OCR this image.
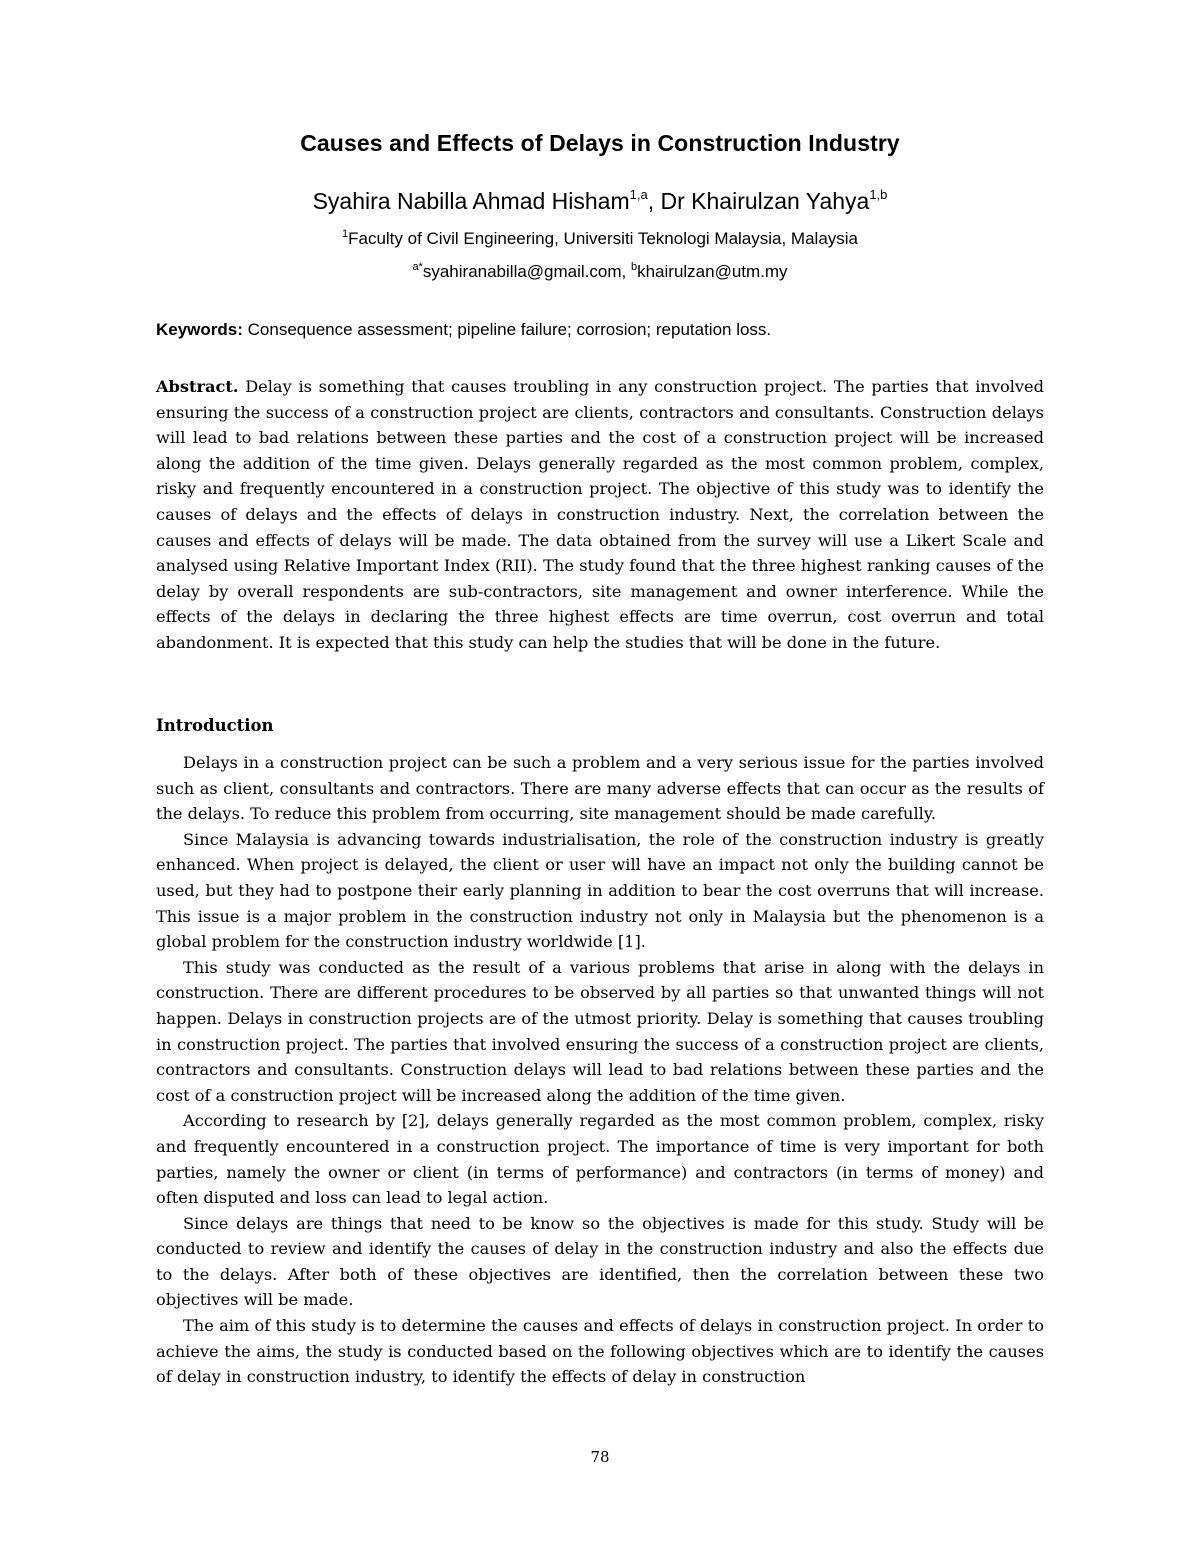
Causes and Effects of Delays in Construction Industry
Syahira Nabilla Ahmad Hisham$^{1,a}$, Dr Khairulzan Yahya$^{1,b}$
$^1$Faculty of Civil Engineering, Universiti Teknologi Malaysia, Malaysia
$^{a*}$syahiranabilla@gmail.com, $^b$khairulzan@utm.my
Keywords: Consequence assessment; pipeline failure; corrosion; reputation loss.

Abstract. Delay is something that causes troubling in any construction project. The parties that involved ensuring the success of a construction project are clients, contractors and consultants. Construction delays will lead to bad relations between these parties and the cost of a construction project will be increased along the addition of the time given. Delays generally regarded as the most common problem, complex, risky and frequently encountered in a construction project. The objective of this study was to identify the causes of delays and the effects of delays in construction industry. Next, the correlation between the causes and effects of delays will be made. The data obtained from the survey will use a Likert Scale and analysed using Relative Important Index (RII). The study found that the three highest ranking causes of the delay by overall respondents are sub-contractors, site management and owner interference. While the effects of the delays in declaring the three highest effects are time overrun, cost overrun and total abandonment. It is expected that this study can help the studies that will be done in the future.

Introduction

Delays in a construction project can be such a problem and a very serious issue for the parties involved such as client, consultants and contractors. There are many adverse effects that can occur as the results of the delays. To reduce this problem from occurring, site management should be made carefully.

Since Malaysia is advancing towards industrialisation, the role of the construction industry is greatly enhanced. When project is delayed, the client or user will have an impact not only the building cannot be used, but they had to postpone their early planning in addition to bear the cost overruns that will increase. This issue is a major problem in the construction industry not only in Malaysia but the phenomenon is a global problem for the construction industry worldwide [1].

This study was conducted as the result of a various problems that arise in along with the delays in construction. There are different procedures to be observed by all parties so that unwanted things will not happen. Delays in construction projects are of the utmost priority. Delay is something that causes troubling in construction project. The parties that involved ensuring the success of a construction project are clients, contractors and consultants. Construction delays will lead to bad relations between these parties and the cost of a construction project will be increased along the addition of the time given.

According to research by [2], delays generally regarded as the most common problem, complex, risky and frequently encountered in a construction project. The importance of time is very important for both parties, namely the owner or client (in terms of performance) and contractors (in terms of money) and often disputed and loss can lead to legal action.

Since delays are things that need to be know so the objectives is made for this study. Study will be conducted to review and identify the causes of delay in the construction industry and also the effects due to the delays. After both of these objectives are identified, then the correlation between these two objectives will be made.

The aim of this study is to determine the causes and effects of delays in construction project. In order to achieve the aims, the study is conducted based on the following objectives which are to identify the causes of delay in construction industry, to identify the effects of delay in construction

78
